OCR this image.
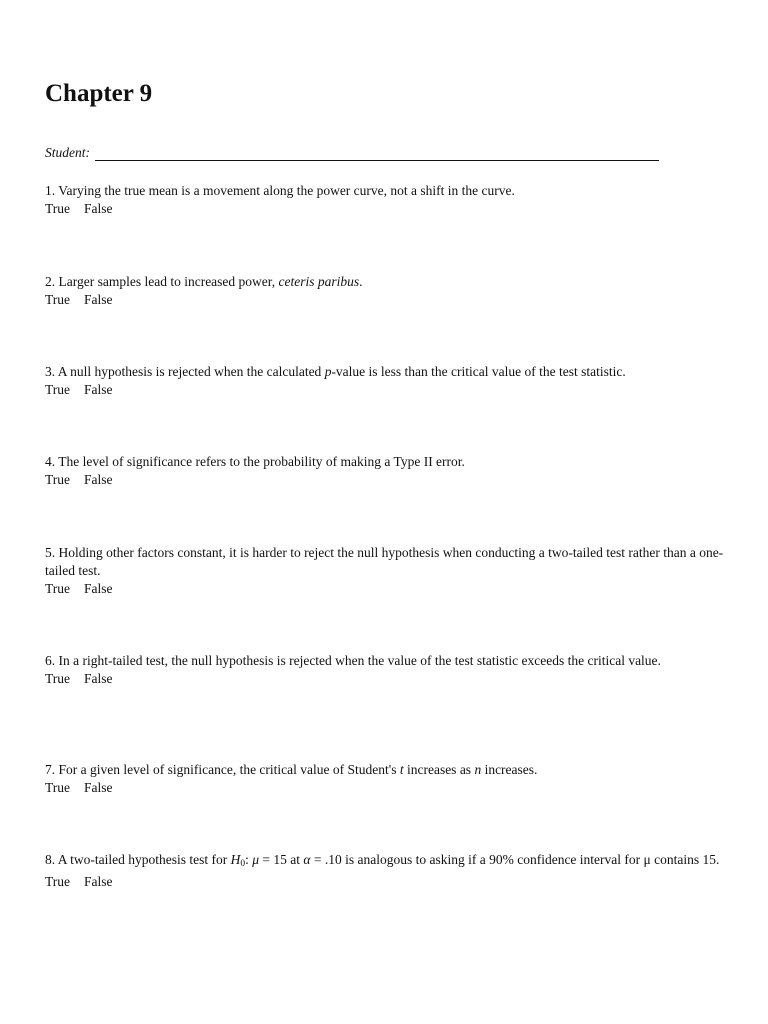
Chapter 9
Student:
1. Varying the true mean is a movement along the power curve, not a shift in the curve.
True False
2. Larger samples lead to increased power, ceteris paribus.
True False
3. A null hypothesis is rejected when the calculated p-value is less than the critical value of the test statistic.
True False
4. The level of significance refers to the probability of making a Type II error.
True False
5. Holding other factors constant, it is harder to reject the null hypothesis when conducting a two-tailed test rather than a one-tailed test.
True False
6. In a right-tailed test, the null hypothesis is rejected when the value of the test statistic exceeds the critical value.
True False
7. For a given level of significance, the critical value of Student's t increases as n increases.
True False
8. A two-tailed hypothesis test for $H_0$: μ = 15 at α = .10 is analogous to asking if a 90% confidence interval for μ contains 15.
True False
